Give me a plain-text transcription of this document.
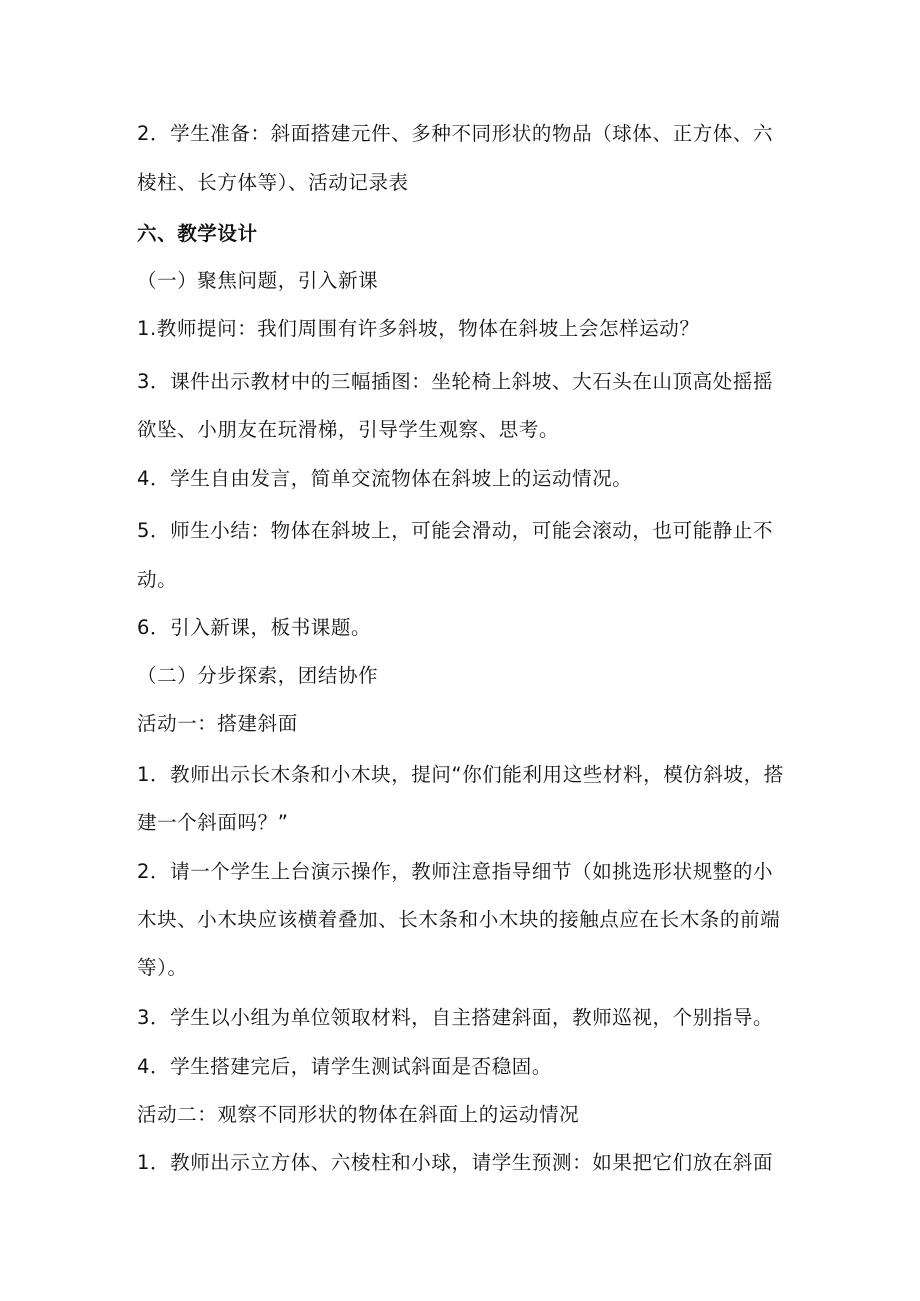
2．学生准备：斜面搭建元件、多种不同形状的物品（球体、正方体、六
棱柱、长方体等）、活动记录表
六、教学设计
（一）聚焦问题，引入新课
1.教师提问：我们周围有许多斜坡，物体在斜坡上会怎样运动？
3．课件出示教材中的三幅插图：坐轮椅上斜坡、大石头在山顶高处摇摇
欲坠、小朋友在玩滑梯，引导学生观察、思考。
4．学生自由发言，简单交流物体在斜坡上的运动情况。
5．师生小结：物体在斜坡上，可能会滑动，可能会滚动，也可能静止不
动。
6．引入新课，板书课题。
（二）分步探索，团结协作
活动一：搭建斜面
1．教师出示长木条和小木块，提问“你们能利用这些材料，模仿斜坡，搭
建一个斜面吗？”
2．请一个学生上台演示操作，教师注意指导细节（如挑选形状规整的小
木块、小木块应该横着叠加、长木条和小木块的接触点应在长木条的前端
等）。
3．学生以小组为单位领取材料，自主搭建斜面，教师巡视，个别指导。
4．学生搭建完后，请学生测试斜面是否稳固。
活动二：观察不同形状的物体在斜面上的运动情况
1．教师出示立方体、六棱柱和小球，请学生预测：如果把它们放在斜面
